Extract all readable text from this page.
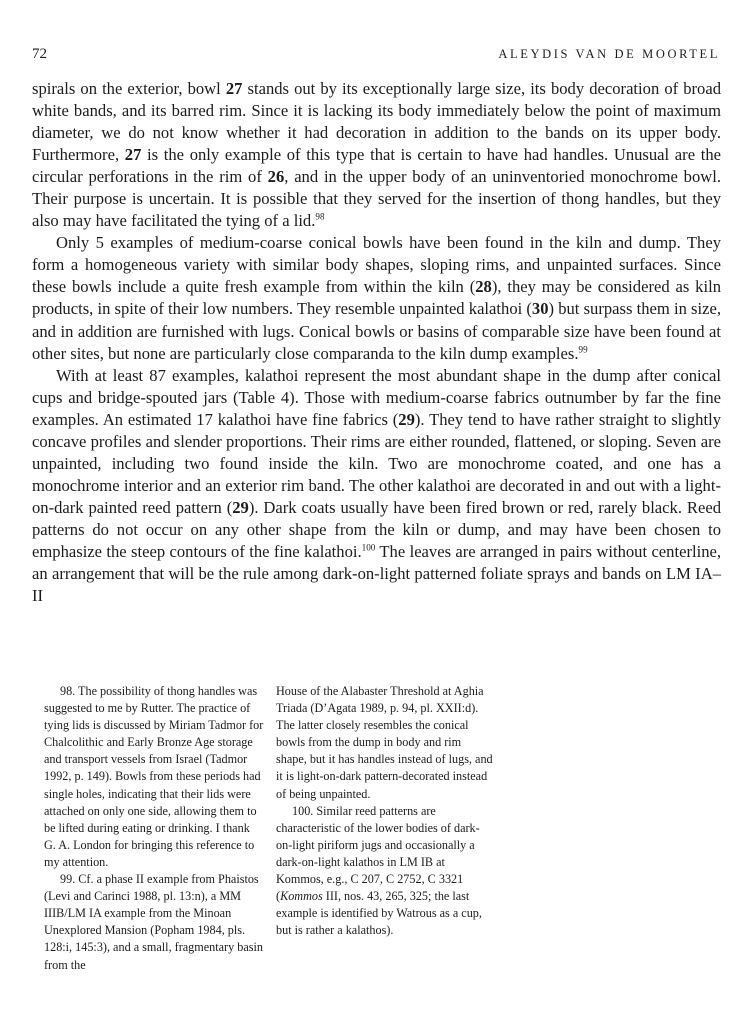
72	ALEYDIS VAN DE MOORTEL

spirals on the exterior, bowl 27 stands out by its exceptionally large size, its body decoration of broad white bands, and its barred rim. Since it is lacking its body immediately below the point of maximum diameter, we do not know whether it had decoration in addition to the bands on its upper body. Furthermore, 27 is the only example of this type that is certain to have had handles. Unusual are the circular perforations in the rim of 26, and in the upper body of an uninventoried monochrome bowl. Their purpose is uncertain. It is possible that they served for the insertion of thong handles, but they also may have facilitated the tying of a lid.$^{98}$

Only 5 examples of medium-coarse conical bowls have been found in the kiln and dump. They form a homogeneous variety with similar body shapes, sloping rims, and unpainted surfaces. Since these bowls include a quite fresh example from within the kiln (28), they may be considered as kiln products, in spite of their low numbers. They resemble unpainted kalathoi (30) but surpass them in size, and in addition are furnished with lugs. Conical bowls or basins of comparable size have been found at other sites, but none are particularly close comparanda to the kiln dump examples.$^{99}$

With at least 87 examples, kalathoi represent the most abundant shape in the dump after conical cups and bridge-spouted jars (Table 4). Those with medium-coarse fabrics outnumber by far the fine examples. An estimated 17 kalathoi have fine fabrics (29). They tend to have rather straight to slightly concave profiles and slender proportions. Their rims are either rounded, flattened, or sloping. Seven are unpainted, including two found inside the kiln. Two are monochrome coated, and one has a monochrome interior and an exterior rim band. The other kalathoi are decorated in and out with a light-on-dark painted reed pattern (29). Dark coats usually have been fired brown or red, rarely black. Reed patterns do not occur on any other shape from the kiln or dump, and may have been chosen to emphasize the steep contours of the fine kalathoi.$^{100}$ The leaves are arranged in pairs without centerline, an arrangement that will be the rule among dark-on-light patterned foliate sprays and bands on LM IA–II

98. The possibility of thong handles was suggested to me by Rutter. The practice of tying lids is discussed by Miriam Tadmor for Chalcolithic and Early Bronze Age storage and transport vessels from Israel (Tadmor 1992, p. 149). Bowls from these periods had single holes, indicating that their lids were attached on only one side, allowing them to be lifted during eating or drinking. I thank G. A. London for bringing this reference to my attention.

99. Cf. a phase II example from Phaistos (Levi and Carinci 1988, pl. 13:n), a MM IIIB/LM IA example from the Minoan Unexplored Mansion (Popham 1984, pls. 128:i, 145:3), and a small, fragmentary basin from the

House of the Alabaster Threshold at Aghia Triada (D’Agata 1989, p. 94, pl. XXII:d). The latter closely resembles the conical bowls from the dump in body and rim shape, but it has handles instead of lugs, and it is light-on-dark pattern-decorated instead of being unpainted.

100. Similar reed patterns are characteristic of the lower bodies of dark-on-light piriform jugs and occasionally a dark-on-light kalathos in LM IB at Kommos, e.g., C 207, C 2752, C 3321 (Kommos III, nos. 43, 265, 325; the last example is identified by Watrous as a cup, but is rather a kalathos).
